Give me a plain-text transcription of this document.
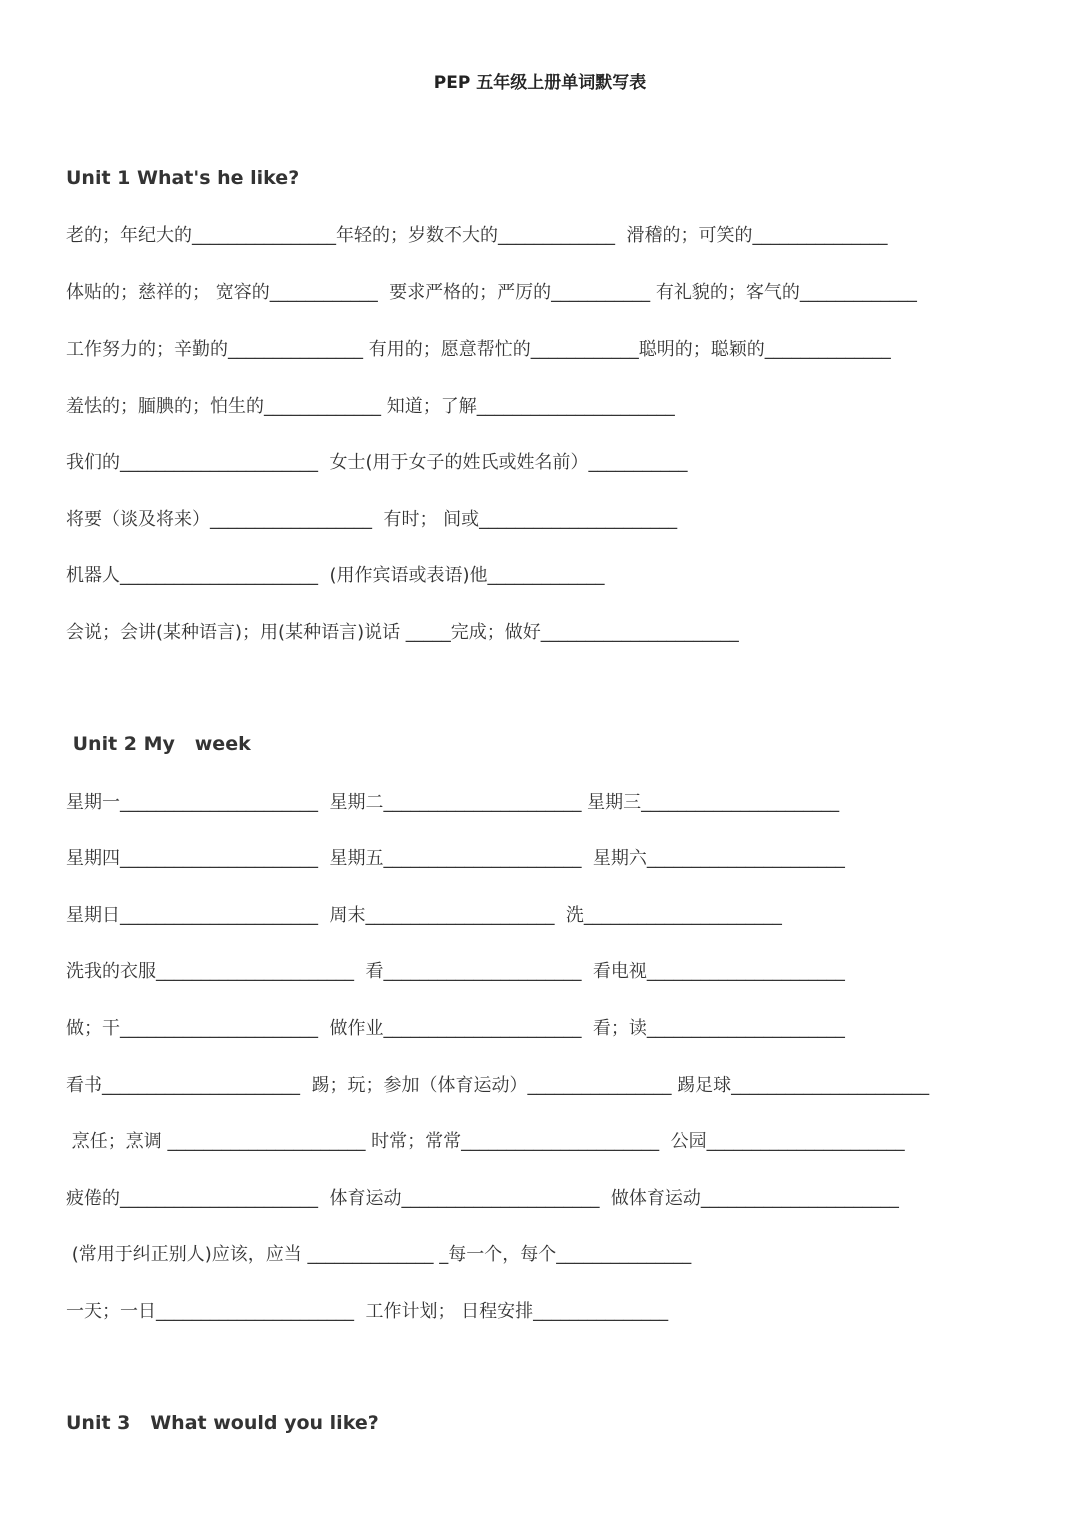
PEP 五年级上册单词默写表
Unit 1 What's he like?
老的；年纪大的________________年轻的；岁数不大的_____________  滑稽的；可笑的_______________
体贴的；慈祥的； 宽容的____________  要求严格的；严厉的___________ 有礼貌的；客气的_____________
工作努力的；辛勤的_______________ 有用的；愿意帮忙的____________聪明的；聪颖的______________
羞怯的；腼腆的；怕生的_____________ 知道；了解______________________
我们的______________________  女士(用于女子的姓氏或姓名前）___________
将要（谈及将来）__________________  有时； 间或______________________
机器人______________________  (用作宾语或表语)他_____________
会说；会讲(某种语言)；用(某种语言)说话 _____完成；做好______________________
Unit 2 My   week
星期一______________________  星期二______________________ 星期三______________________
星期四______________________  星期五______________________  星期六______________________
星期日______________________  周末_____________________  洗______________________
洗我的衣服______________________  看______________________  看电视______________________
做；干______________________  做作业______________________  看；读______________________
看书______________________  踢；玩；参加（体育运动）________________ 踢足球______________________
烹任；烹调 ______________________ 时常；常常______________________  公园______________________
疲倦的______________________  体育运动______________________  做体育运动______________________
(常用于纠正别人)应该，应当 ______________ _每一个，每个_______________
一天；一日______________________  工作计划； 日程安排_______________
Unit 3   What would you like?
